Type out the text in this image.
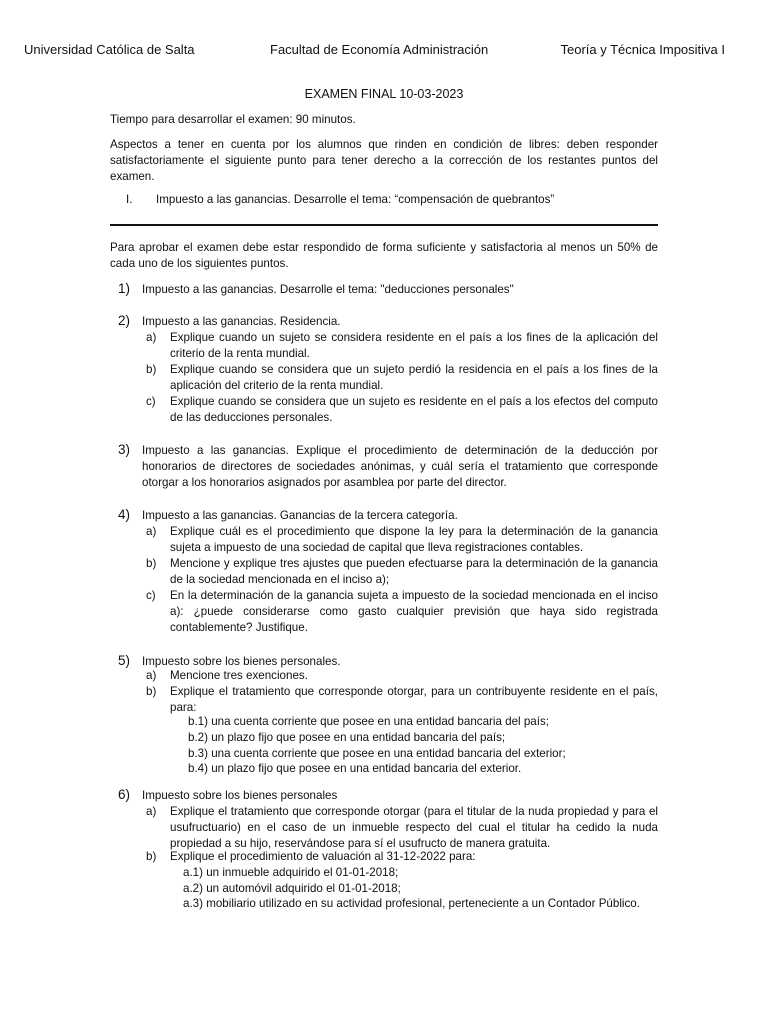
Universidad Católica de Salta	Facultad de Economía Administración	Teoría y Técnica Impositiva I
EXAMEN FINAL 10-03-2023
Tiempo para desarrollar el examen: 90 minutos.
Aspectos a tener en cuenta por los alumnos que rinden en condición de libres: deben responder satisfactoriamente el siguiente punto para tener derecho a la corrección de los restantes puntos del examen.
I. Impuesto a las ganancias. Desarrolle el tema: “compensación de quebrantos”
Para aprobar el examen debe estar respondido de forma suficiente y satisfactoria al menos un 50% de cada uno de los siguientes puntos.
1) Impuesto a las ganancias. Desarrolle el tema: "deducciones personales"
2) Impuesto a las ganancias. Residencia.
a) Explique cuando un sujeto se considera residente en el país a los fines de la aplicación del criterio de la renta mundial.
b) Explique cuando se considera que un sujeto perdió la residencia en el país a los fines de la aplicación del criterio de la renta mundial.
c) Explique cuando se considera que un sujeto es residente en el país a los efectos del computo de las deducciones personales.
3) Impuesto a las ganancias. Explique el procedimiento de determinación de la deducción por honorarios de directores de sociedades anónimas, y cuál sería el tratamiento que corresponde otorgar a los honorarios asignados por asamblea por parte del director.
4) Impuesto a las ganancias. Ganancias de la tercera categoría.
a) Explique cuál es el procedimiento que dispone la ley para la determinación de la ganancia sujeta a impuesto de una sociedad de capital que lleva registraciones contables.
b) Mencione y explique tres ajustes que pueden efectuarse para la determinación de la ganancia de la sociedad mencionada en el inciso a);
c) En la determinación de la ganancia sujeta a impuesto de la sociedad mencionada en el inciso a): ¿puede considerarse como gasto cualquier previsión que haya sido registrada contablemente? Justifique.
5) Impuesto sobre los bienes personales.
a) Mencione tres exenciones.
b) Explique el tratamiento que corresponde otorgar, para un contribuyente residente en el país, para:
b.1) una cuenta corriente que posee en una entidad bancaria del país;
b.2) un plazo fijo que posee en una entidad bancaria del país;
b.3) una cuenta corriente que posee en una entidad bancaria del exterior;
b.4) un plazo fijo que posee en una entidad bancaria del exterior.
6) Impuesto sobre los bienes personales
a) Explique el tratamiento que corresponde otorgar (para el titular de la nuda propiedad y para el usufructuario) en el caso de un inmueble respecto del cual el titular ha cedido la nuda propiedad a su hijo, reservándose para sí el usufructo de manera gratuita.
b) Explique el procedimiento de valuación al 31-12-2022 para:
a.1) un inmueble adquirido el 01-01-2018;
a.2) un automóvil adquirido el 01-01-2018;
a.3) mobiliario utilizado en su actividad profesional, perteneciente a un Contador Público.
